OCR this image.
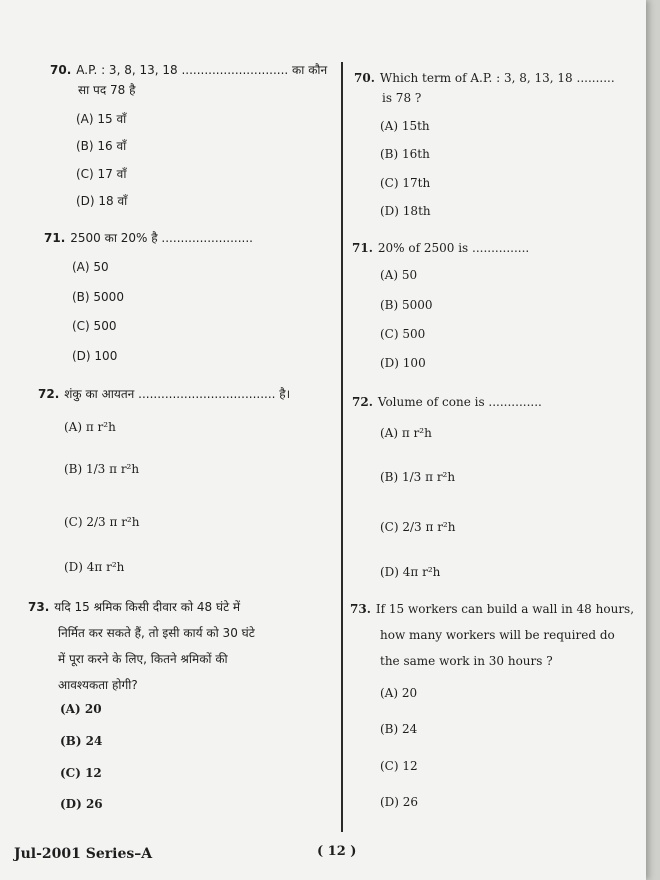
70. A.P. : 3, 8, 13, 18 ............................ का कौन
सा पद 78 है
(A) 15 वाँ
(B) 16 वाँ
(C) 17 वाँ
(D) 18 वाँ
71. 2500 का 20% है ........................
(A) 50
(B) 5000
(C) 500
(D) 100
72. शंकु का आयतन .................................... है।
(A) π r²h
(B) 1/3 π r²h
(C) 2/3 π r²h
(D) 4π r²h
73. यदि 15 श्रमिक किसी दीवार को 48 घंटे में
निर्मित कर सकते हैं, तो इसी कार्य को 30 घंटे
में पूरा करने के लिए, कितने श्रमिकों की
आवश्यकता होगी?
(A) 20
(B) 24
(C) 12
(D) 26
70. Which term of A.P. : 3, 8, 13, 18 ..........
is 78 ?
(A) 15th
(B) 16th
(C) 17th
(D) 18th
71. 20% of 2500 is ...............
(A) 50
(B) 5000
(C) 500
(D) 100
72. Volume of cone is ..............
(A) π r²h
(B) 1/3 π r²h
(C) 2/3 π r²h
(D) 4π r²h
73. If 15 workers can build a wall in 48 hours,
how many workers will be required do
the same work in 30 hours ?
(A) 20
(B) 24
(C) 12
(D) 26
Jul-2001 Series–A	( 12 )
